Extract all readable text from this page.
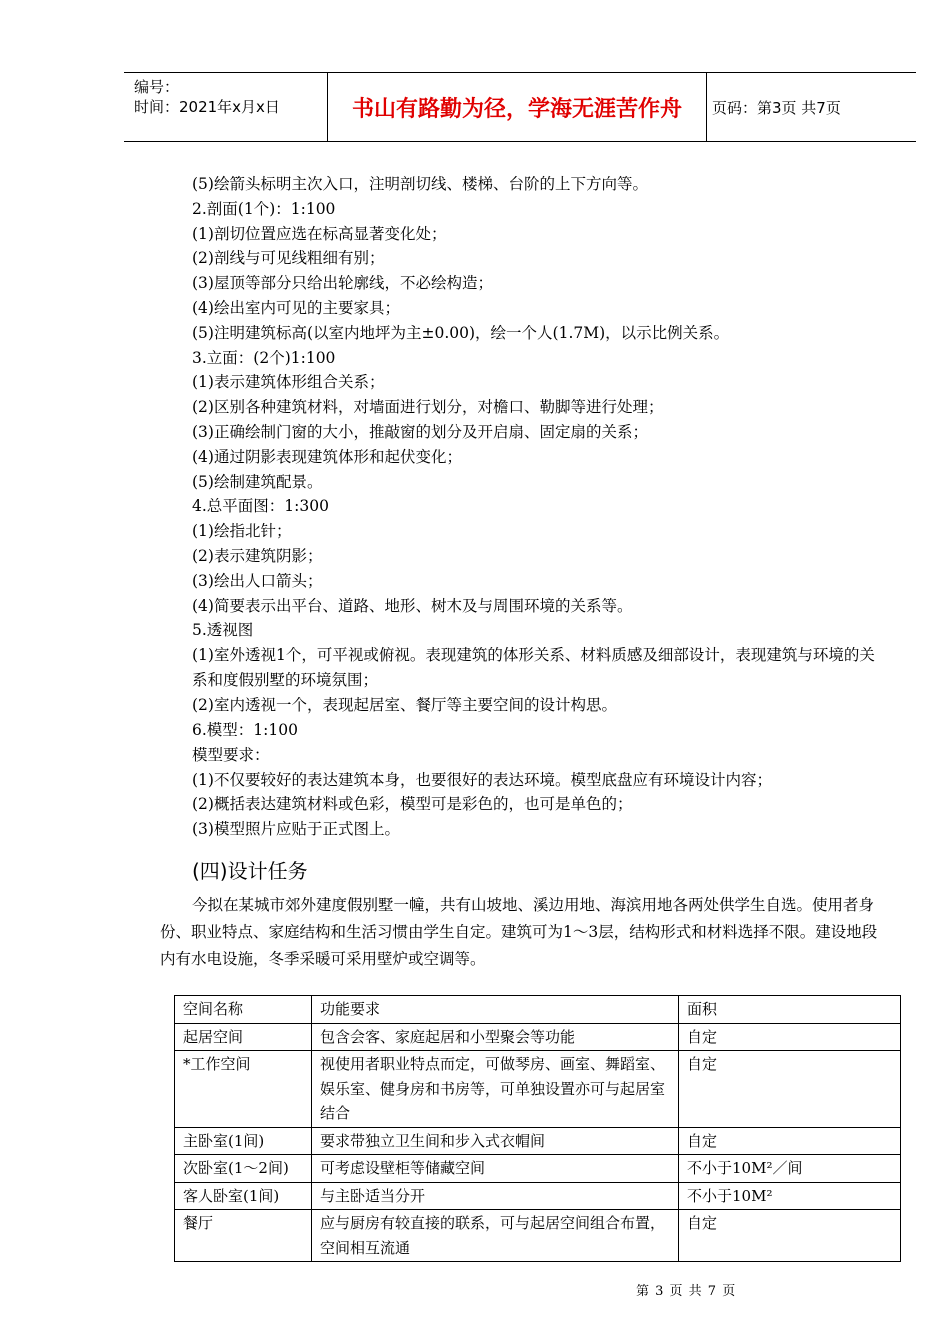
编号：
时间：2021年x月x日	书山有路勤为径，学海无涯苦作舟	页码：第3页 共7页
(5)绘箭头标明主次入口，注明剖切线、楼梯、台阶的上下方向等。
2.剖面(1个)：1:100
(1)剖切位置应选在标高显著变化处；
(2)剖线与可见线粗细有别；
(3)屋顶等部分只给出轮廓线，不必绘构造；
(4)绘出室内可见的主要家具；
(5)注明建筑标高(以室内地坪为主±0.00)，绘一个人(1.7M)，以示比例关系。
3.立面：(2个)1:100
(1)表示建筑体形组合关系；
(2)区别各种建筑材料，对墙面进行划分，对檐口、勒脚等进行处理；
(3)正确绘制门窗的大小，推敲窗的划分及开启扇、固定扇的关系；
(4)通过阴影表现建筑体形和起伏变化；
(5)绘制建筑配景。
4.总平面图：1:300
(1)绘指北针；
(2)表示建筑阴影；
(3)绘出人口箭头；
(4)简要表示出平台、道路、地形、树木及与周围环境的关系等。
5.透视图
(1)室外透视1个，可平视或俯视。表现建筑的体形关系、材料质感及细部设计，表现建筑与环境的关系和度假别墅的环境氛围；
(2)室内透视一个，表现起居室、餐厅等主要空间的设计构思。
6.模型：1:100
模型要求：
(1)不仅要较好的表达建筑本身，也要很好的表达环境。模型底盘应有环境设计内容；
(2)概括表达建筑材料或色彩，模型可是彩色的，也可是单色的；
(3)模型照片应贴于正式图上。
(四)设计任务
今拟在某城市郊外建度假别墅一幢，共有山坡地、溪边用地、海滨用地各两处供学生自选。使用者身份、职业特点、家庭结构和生活习惯由学生自定。建筑可为1～3层，结构形式和材料选择不限。建设地段内有水电设施，冬季采暖可采用壁炉或空调等。
空间名称	功能要求	面积
起居空间	包含会客、家庭起居和小型聚会等功能	自定
*工作空间	视使用者职业特点而定，可做琴房、画室、舞蹈室、娱乐室、健身房和书房等，可单独设置亦可与起居室结合	自定
主卧室(1间)	要求带独立卫生间和步入式衣帽间	自定
次卧室(1～2间)	可考虑设壁柜等储藏空间	不小于10M²／间
客人卧室(1间)	与主卧适当分开	不小于10M²
餐厅	应与厨房有较直接的联系，可与起居空间组合布置，空间相互流通	自定
第 3 页 共 7 页
